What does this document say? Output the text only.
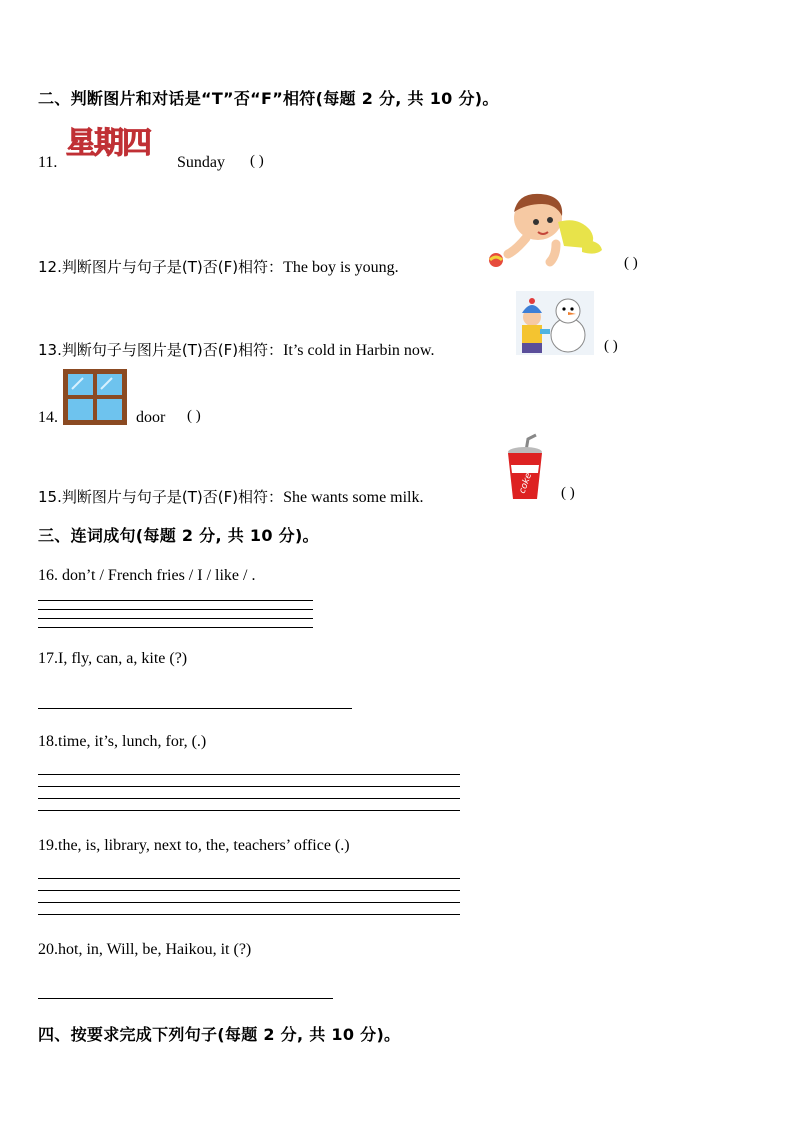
二、判断图片和对话是“T”否“F”相符(每题 2 分, 共 10 分)。
11.
星期四
Sunday ( )
12.判断图片与句子是(T)否(F)相符：The boy is young.	( )
13.判断句子与图片是(T)否(F)相符：It’s cold in Harbin now.	( )
14.	door ( )
coke
15.判断图片与句子是(T)否(F)相符：She wants some milk.	( )
三、连词成句(每题 2 分, 共 10 分)。
16. don’t / French fries / I / like / .
17.I, fly, can, a, kite (?)
18.time, it’s, lunch, for, (.)
19.the, is, library, next to, the, teachers’ office (.)
20.hot, in, Will, be, Haikou, it (?)
四、按要求完成下列句子(每题 2 分, 共 10 分)。
